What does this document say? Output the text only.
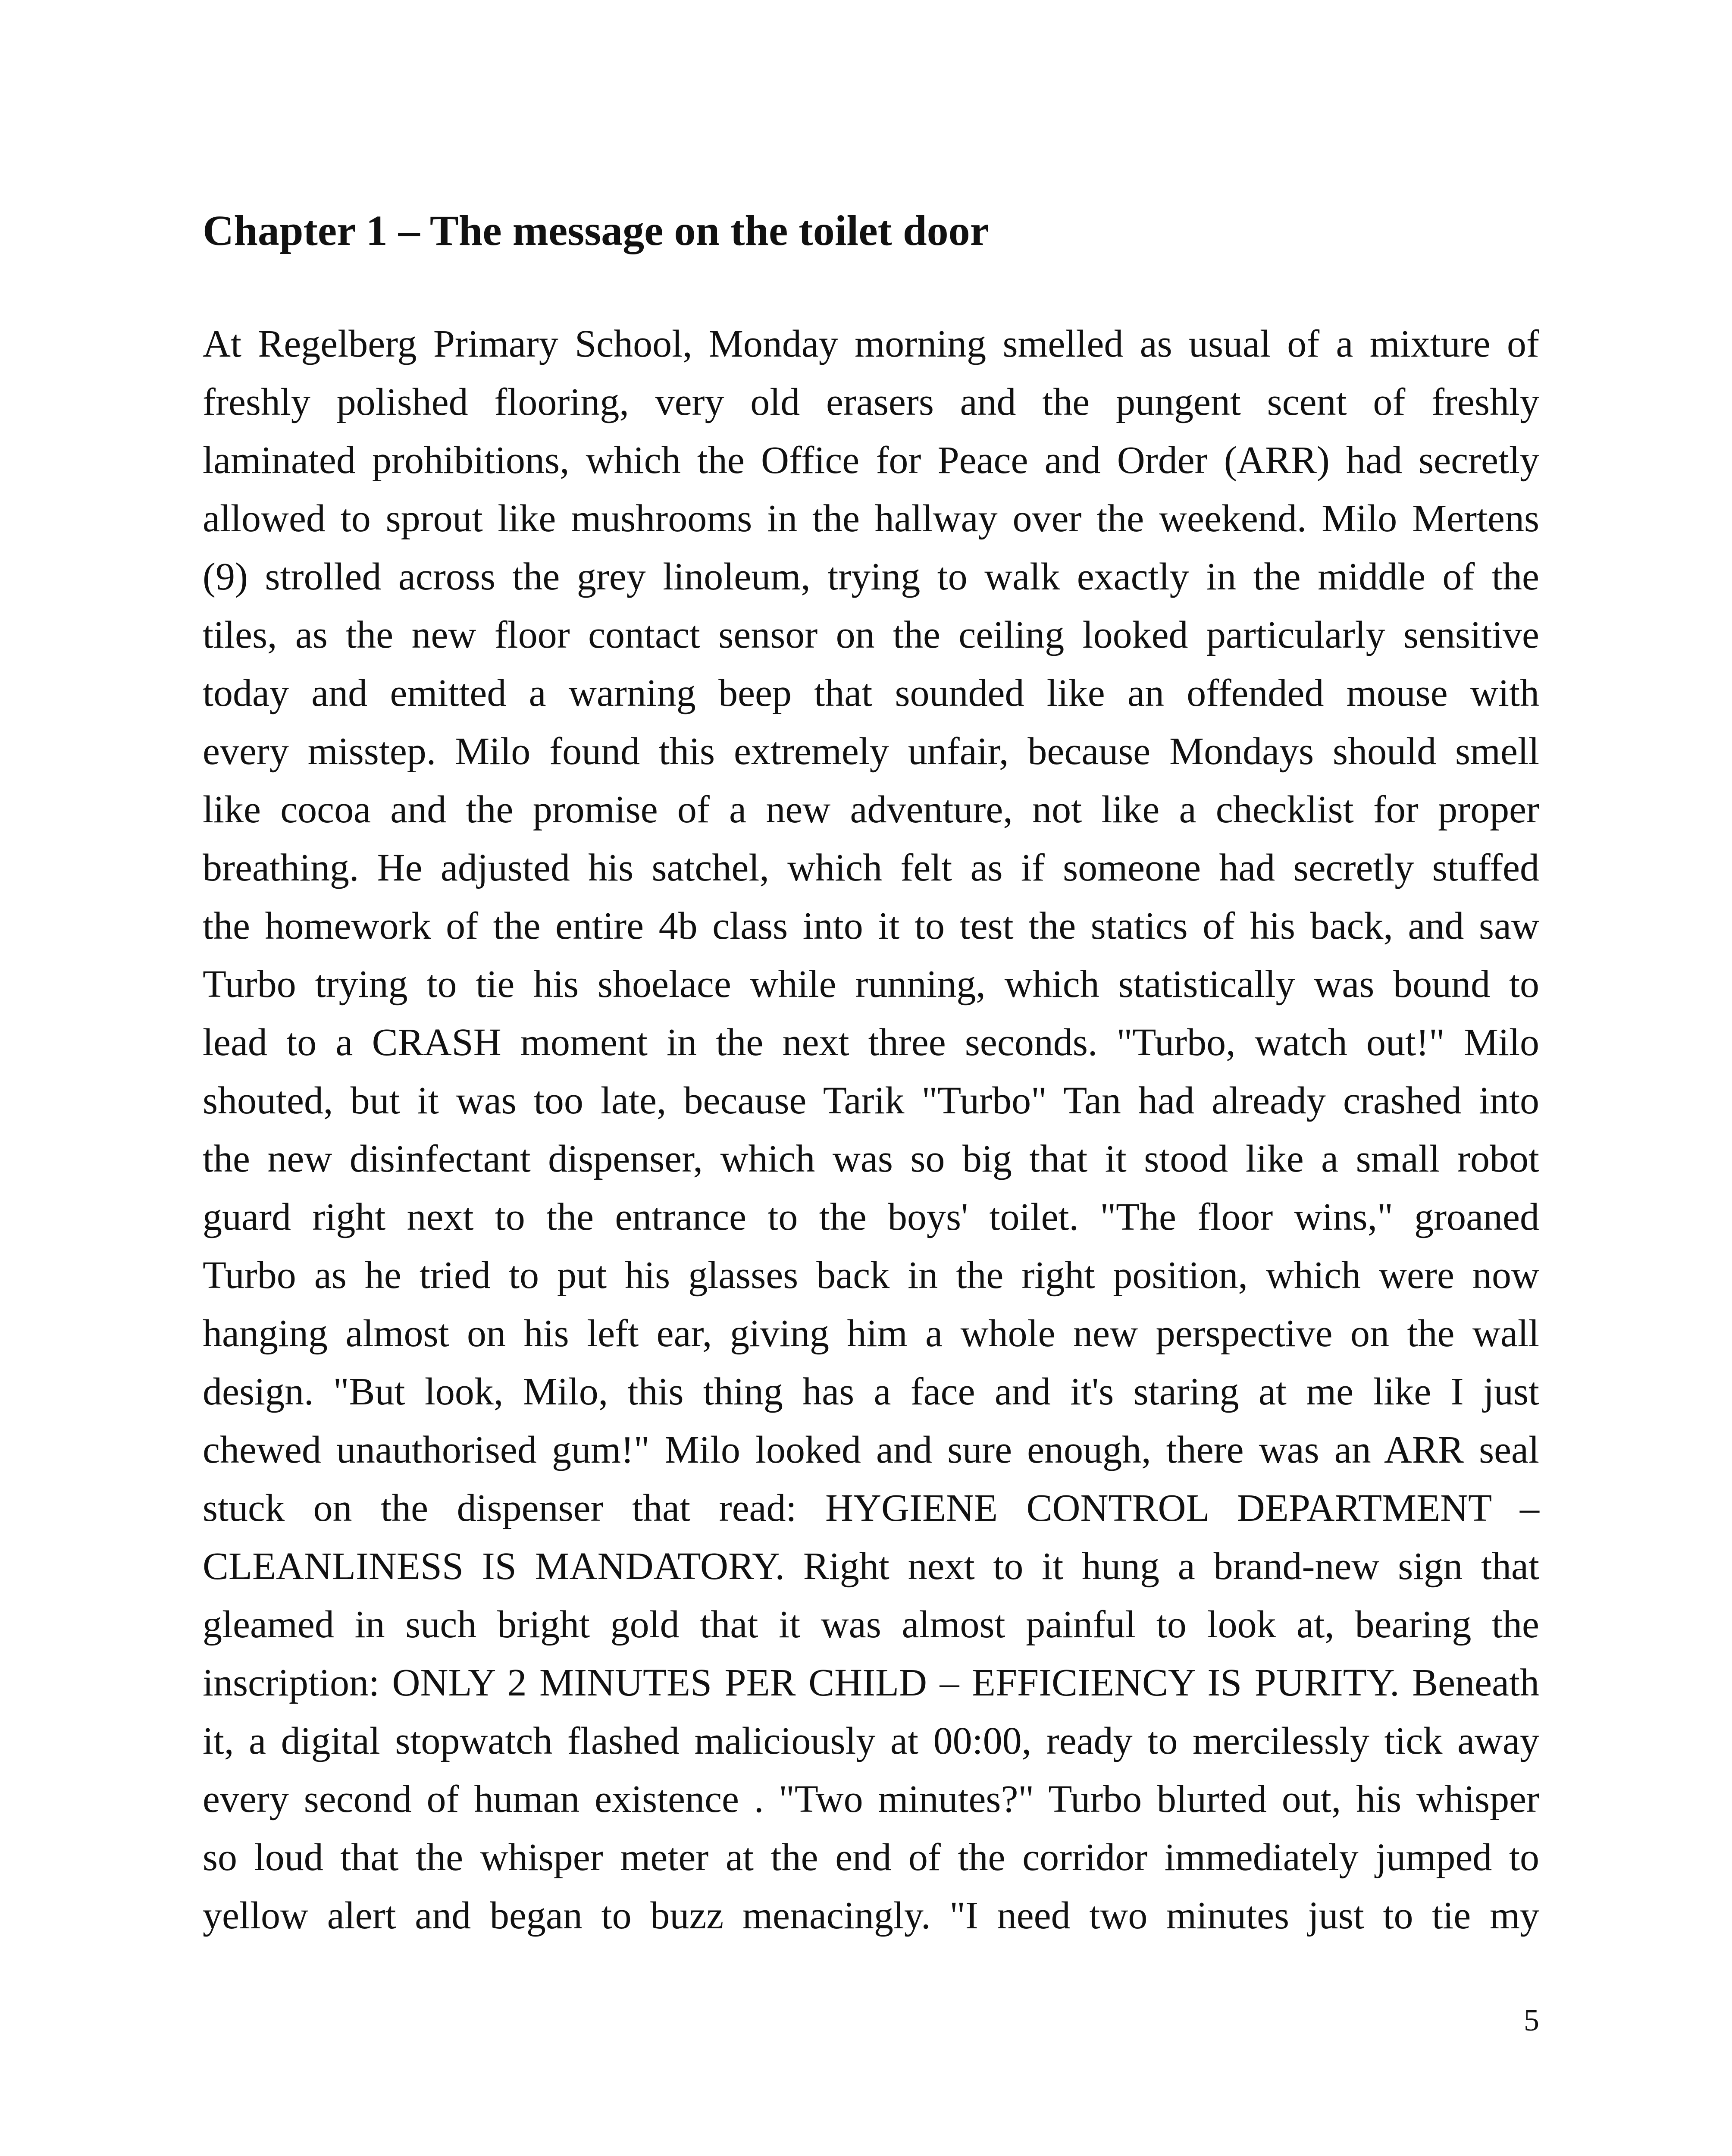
Chapter 1 – The message on the toilet door
At Regelberg Primary School, Monday morning smelled as usual of a mixture of
freshly polished flooring, very old erasers and the pungent scent of freshly
laminated prohibitions, which the Office for Peace and Order (ARR) had secretly
allowed to sprout like mushrooms in the hallway over the weekend. Milo Mertens
(9) strolled across the grey linoleum, trying to walk exactly in the middle of the
tiles, as the new floor contact sensor on the ceiling looked particularly sensitive
today and emitted a warning beep that sounded like an offended mouse with
every misstep. Milo found this extremely unfair, because Mondays should smell
like cocoa and the promise of a new adventure, not like a checklist for proper
breathing. He adjusted his satchel, which felt as if someone had secretly stuffed
the homework of the entire 4b class into it to test the statics of his back, and saw
Turbo trying to tie his shoelace while running, which statistically was bound to
lead to a CRASH moment in the next three seconds. "Turbo, watch out!" Milo
shouted, but it was too late, because Tarik "Turbo" Tan had already crashed into
the new disinfectant dispenser, which was so big that it stood like a small robot
guard right next to the entrance to the boys' toilet. "The floor wins," groaned
Turbo as he tried to put his glasses back in the right position, which were now
hanging almost on his left ear, giving him a whole new perspective on the wall
design. "But look, Milo, this thing has a face and it's staring at me like I just
chewed unauthorised gum!" Milo looked and sure enough, there was an ARR seal
stuck on the dispenser that read: HYGIENE CONTROL DEPARTMENT –
CLEANLINESS IS MANDATORY. Right next to it hung a brand-new sign that
gleamed in such bright gold that it was almost painful to look at, bearing the
inscription: ONLY 2 MINUTES PER CHILD – EFFICIENCY IS PURITY. Beneath
it, a digital stopwatch flashed maliciously at 00:00, ready to mercilessly tick away
every second of human existence . "Two minutes?" Turbo blurted out, his whisper
so loud that the whisper meter at the end of the corridor immediately jumped to
yellow alert and began to buzz menacingly. "I need two minutes just to tie my
5
